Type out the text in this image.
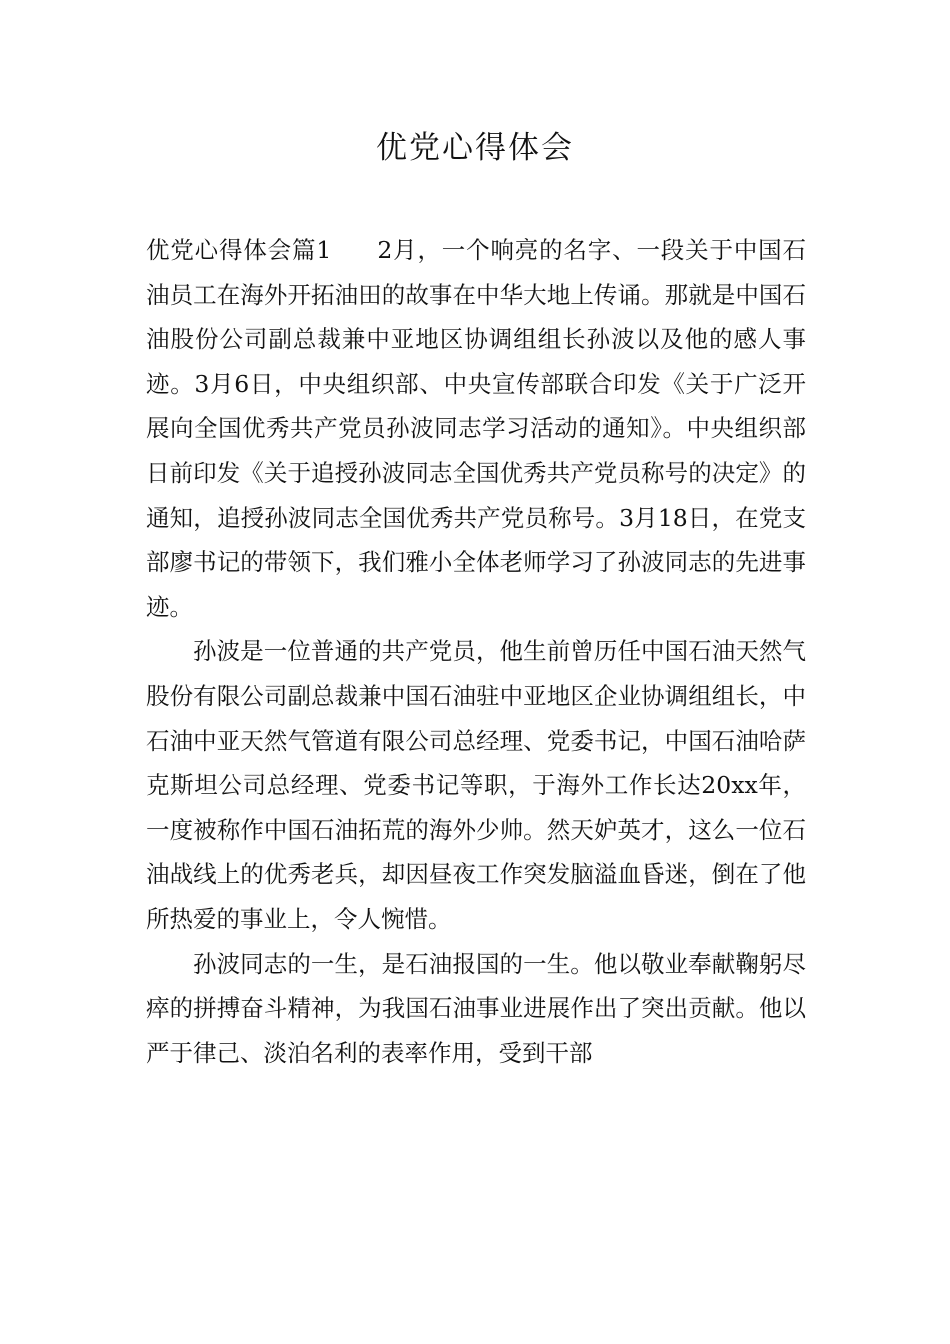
优党心得体会

优党心得体会篇1 2月，一个响亮的名字、一段关于中国石油员工在海外开拓油田的故事在中华大地上传诵。那就是中国石油股份公司副总裁兼中亚地区协调组组长孙波以及他的感人事迹。3月6日，中央组织部、中央宣传部联合印发《关于广泛开展向全国优秀共产党员孙波同志学习活动的通知》。中央组织部日前印发《关于追授孙波同志全国优秀共产党员称号的决定》的通知，追授孙波同志全国优秀共产党员称号。3月18日，在党支部廖书记的带领下，我们雅小全体老师学习了孙波同志的先进事迹。

孙波是一位普通的共产党员，他生前曾历任中国石油天然气股份有限公司副总裁兼中国石油驻中亚地区企业协调组组长，中石油中亚天然气管道有限公司总经理、党委书记，中国石油哈萨克斯坦公司总经理、党委书记等职，于海外工作长达20xx年，一度被称作中国石油拓荒的海外少帅。然天妒英才，这么一位石油战线上的优秀老兵，却因昼夜工作突发脑溢血昏迷，倒在了他所热爱的事业上，令人惋惜。

孙波同志的一生，是石油报国的一生。他以敬业奉献鞠躬尽瘁的拼搏奋斗精神，为我国石油事业进展作出了突出贡献。他以严于律己、淡泊名利的表率作用，受到干部
